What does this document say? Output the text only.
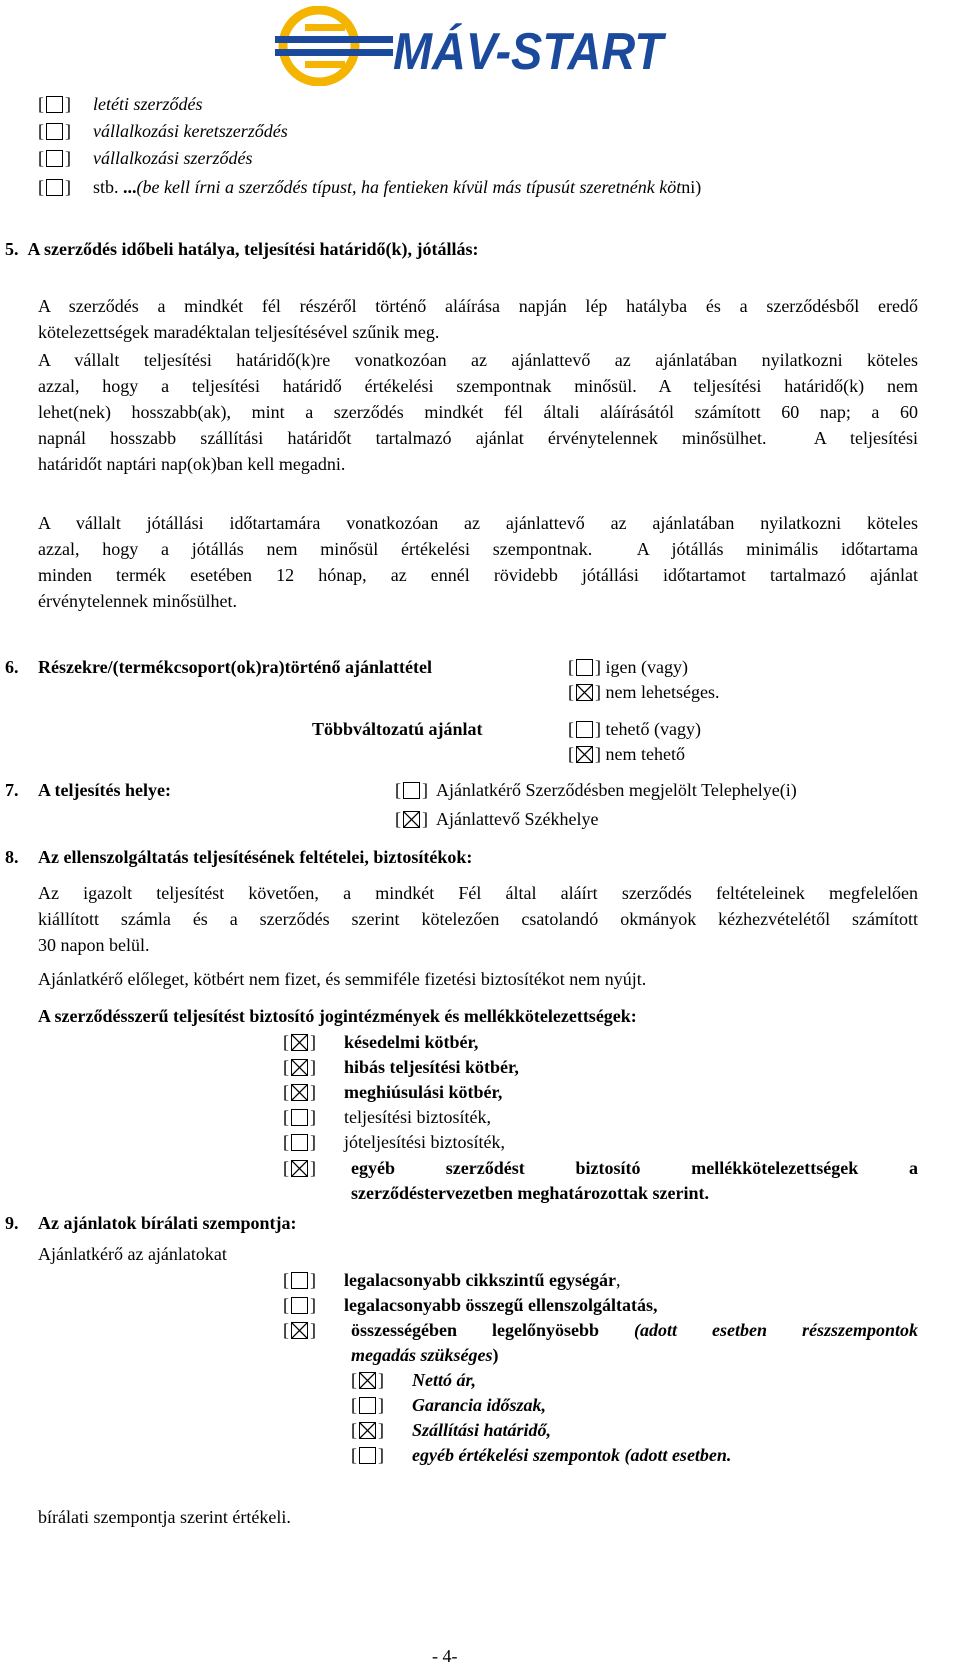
MÁV-START
[ ] letéti szerződés
[ ] vállalkozási keretszerződés
[ ] vállalkozási szerződés
[ ] stb. ...(be kell írni a szerződés típust, ha fentieken kívül más típusút szeretnénk kötni)
5.  A szerződés időbeli hatálya, teljesítési határidő(k), jótállás:
A szerződés a mindkét fél részéről történő aláírása napján lép hatályba és a szerződésből eredő
kötelezettségek maradéktalan teljesítésével szűnik meg.
A vállalt teljesítési határidő(k)re vonatkozóan az ajánlattevő az ajánlatában nyilatkozni köteles
azzal, hogy a teljesítési határidő értékelési szempontnak minősül. A teljesítési határidő(k) nem
lehet(nek) hosszabb(ak), mint a szerződés mindkét fél általi aláírásától számított 60 nap; a 60
napnál hosszabb szállítási határidőt tartalmazó ajánlat érvénytelennek minősülhet.  A teljesítési
határidőt naptári nap(ok)ban kell megadni.
A vállalt jótállási időtartamára vonatkozóan az ajánlattevő az ajánlatában nyilatkozni köteles
azzal, hogy a jótállás nem minősül értékelési szempontnak.  A jótállás minimális időtartama
minden termék esetében 12 hónap, az ennél rövidebb jótállási időtartamot tartalmazó ajánlat
érvénytelennek minősülhet.
6. Részekre/(termékcsoport(ok)ra)történő ajánlattétel	[ ] igen (vagy)
[ ] nem lehetséges.
Többváltozatú ajánlat	[ ] tehető (vagy)
[ ] nem tehető
7. A teljesítés helye:	[ ]  Ajánlatkérő Szerződésben megjelölt Telephelye(i)
[ ]  Ajánlattevő Székhelye
8. Az ellenszolgáltatás teljesítésének feltételei, biztosítékok:
Az igazolt teljesítést követően, a mindkét Fél által aláírt szerződés feltételeinek megfelelően
kiállított számla és a szerződés szerint kötelezően csatolandó okmányok kézhezvételétől számított
30 napon belül.
Ajánlatkérő előleget, kötbért nem fizet, és semmiféle fizetési biztosítékot nem nyújt.
A szerződésszerű teljesítést biztosító jogintézmények és mellékkötelezettségek:
[ ] késedelmi kötbér,
[ ] hibás teljesítési kötbér,
[ ] meghiúsulási kötbér,
[ ] teljesítési biztosíték,
[ ] jóteljesítési biztosíték,
[ ] egyéb szerződést biztosító mellékkötelezettségek a
szerződéstervezetben meghatározottak szerint.
9. Az ajánlatok bírálati szempontja:
Ajánlatkérő az ajánlatokat
[ ] legalacsonyabb cikkszintű egységár,
[ ] legalacsonyabb összegű ellenszolgáltatás,
[ ] összességében legelőnyösebb (adott esetben részszempontok
megadás szükséges)
[ ] Nettó ár,
[ ] Garancia időszak,
[ ] Szállítási határidő,
[ ] egyéb értékelési szempontok (adott esetben.
bírálati szempontja szerint értékeli.
- 4-
